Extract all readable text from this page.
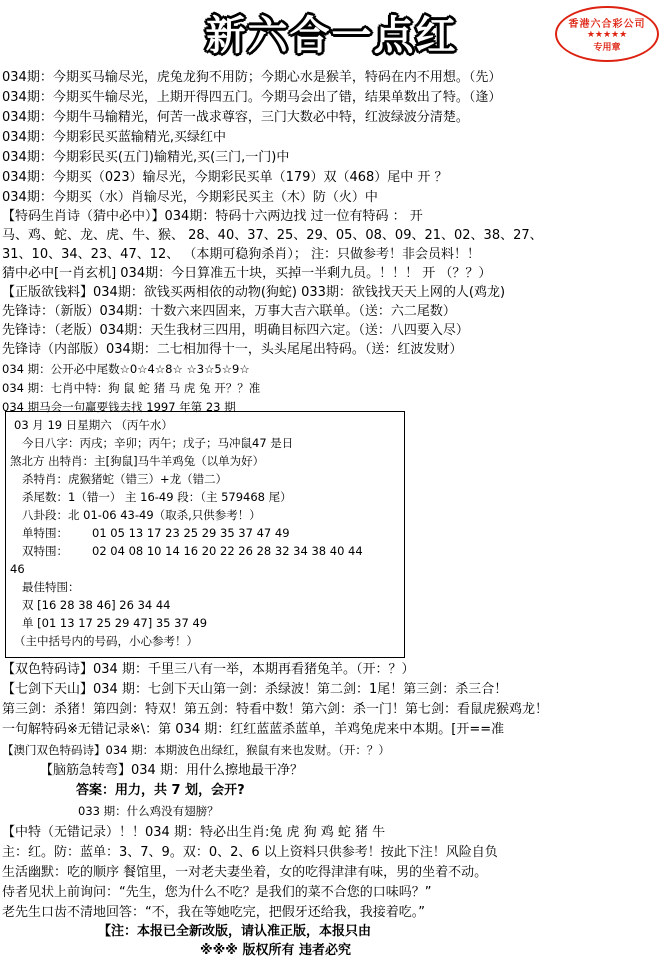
新六合一点红	香港六合彩公司
★★★★★
专用章
034期：今期买马输尽光，虎兔龙狗不用防；今期心水是猴羊，特码在内不用想。（先）
034期：今期买牛输尽光，上期开得四五门。今期马会出了错，结果单数出了特。（逢）
034期：今期牛马输精光，何苦一战求尊容，三门大数必中特，红波绿波分清楚。
034期：今期彩民买蓝输精光,买绿红中
034期：今期彩民买(五门)输精光,买(三门,一门)中
034期：今期买（023）输尽光，今期彩民买单（179）双（468）尾中 开 ？
034期：今期买（水）肖输尽光，今期彩民买主（木）防（火）中
【特码生肖诗（猜中必中）】034期：特码十六两边找 过一位有特码 ： 开
马、鸡、蛇、龙、虎、牛、猴、 28、40、37、25、29、05、08、09、21、02、38、27、
31、10、34、23、47、12、 （本期可稳狗杀肖）； 注：只做参考！非会员料！！
猜中必中[一肖玄机] 034期：今日算准五十块，买掉一半剩九员。！！！ 开 （？？）
【正版欲钱料】034期：欲钱买两相依的动物(狗蛇) 033期：欲钱找天天上网的人(鸡龙)
先锋诗：（新版）034期：十数六来四固来，万事大吉六联单。（送：六二尾数）
先锋诗：（老版）034期：天生我材三四用，明确目标四六定。（送：八四要入尽）
先锋诗（内部版）034期：二七相加得十一，头头尾尾出特码。（送：红波发财）
034 期：公开必中尾数☆0☆4☆8☆ ☆3☆5☆9☆
034 期：七肖中特：狗 鼠 蛇 猪 马 虎 兔 开？？准
034 期马会一句赢要钱去找 1997 年第 23 期
03 月 19 日星期六 （丙午水）
今日八字：丙戌；辛卯；丙午；戊子；马冲鼠47 是日
煞北方 出特肖：主[狗鼠]马牛羊鸡兔（以单为好）
杀特肖：虎猴猪蛇（错三）+龙（错二）
杀尾数：1（错一） 主 16-49 段：（主 579468 尾）
八卦段：北 01-06 43-49（取杀,只供参考！）
单特围： 01 05 13 17 23 25 29 35 37 47 49
双特围： 02 04 08 10 14 16 20 22 26 28 32 34 38 40 44
46
最佳特围：
双 [16 28 38 46] 26 34 44
单 [01 13 17 25 29 47] 35 37 49
（主中括号内的号码，小心参考！）
【双色特码诗】034 期：千里三八有一举，本期再看猪兔羊。（开：？）
【七剑下天山】034 期：七剑下天山第一剑：杀绿波！第二剑：1尾！第三剑：杀三合！
第三剑：杀猪！第四剑：特双！第五剑：特看中数！第六剑：杀一门！第七剑：看鼠虎猴鸡龙！
一句解特码※无错记录※\：第 034 期：红红蓝蓝杀蓝单，羊鸡兔虎来中本期。[开==准
【澳门双色特码诗】034 期：本期波色出绿红，猴鼠有来也发财。（开：？）
【脑筋急转弯】034 期：用什么擦地最干净？
答案：用力，共 7 划，会开?
033 期：什么鸡没有翅膀？
【中特（无错记录）！！034 期：特必出生肖:兔 虎 狗 鸡 蛇 猪 牛
主：红。防：蓝单：3、7、9。双：0、2、6 以上资料只供参考！按此下注！风险自负
生活幽默：吃的顺序 餐馆里，一对老夫妻坐着，女的吃得津津有味，男的坐着不动。
侍者见状上前询问：“先生，您为什么不吃？是我们的菜不合您的口味吗？”
老先生口齿不清地回答：“不，我在等她吃完，把假牙还给我，我接着吃。”
【注：本报已全新改版，请认准正版，本报只由
※※※ 版权所有 违者必究
